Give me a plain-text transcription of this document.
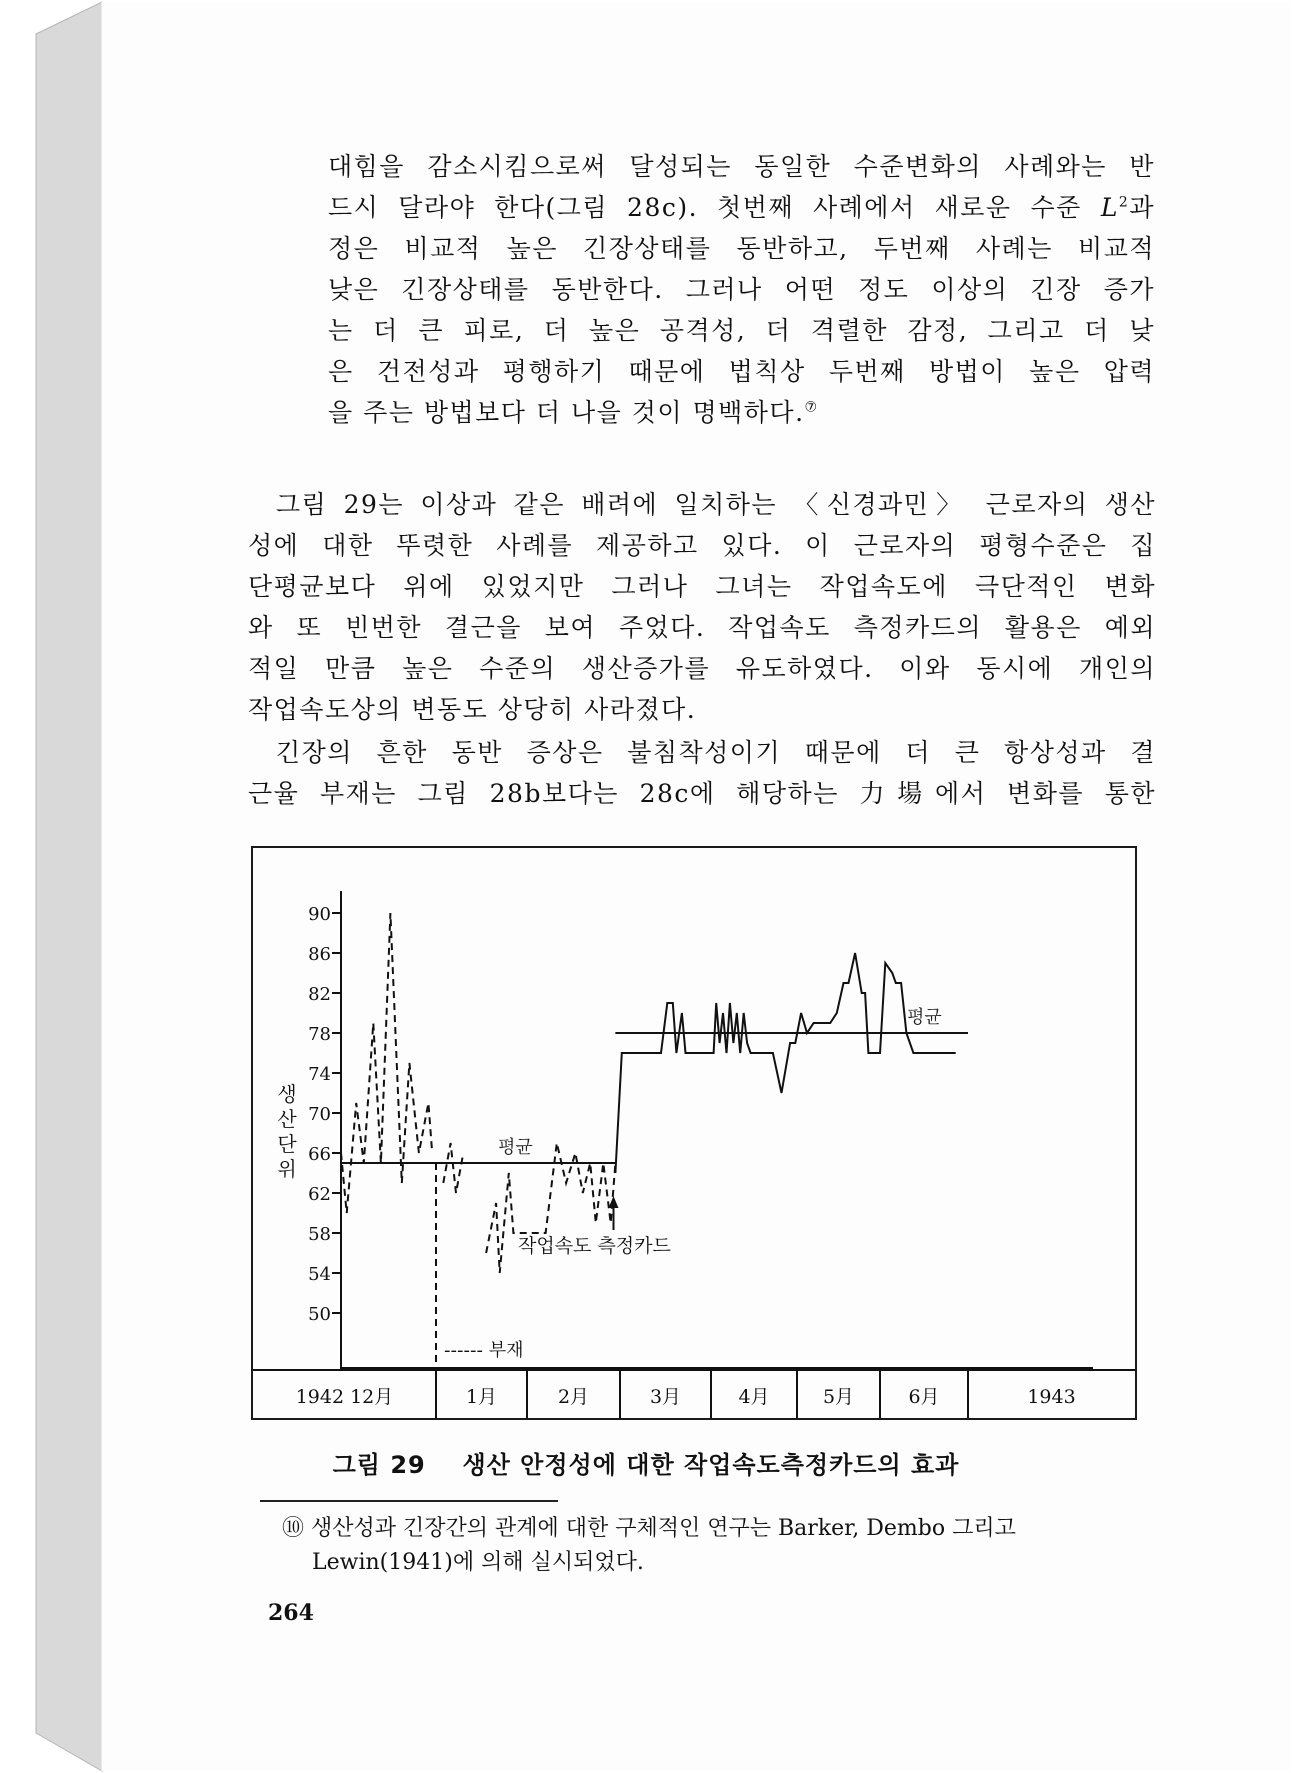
대힘을 감소시킴으로써 달성되는 동일한 수준변화의 사례와는 반
드시 달라야 한다(그림 28c). 첫번째 사례에서 새로운 수준 $L^2$과
정은 비교적 높은 긴장상태를 동반하고, 두번째 사례는 비교적
낮은 긴장상태를 동반한다. 그러나 어떤 정도 이상의 긴장 증가
는 더 큰 피로, 더 높은 공격성, 더 격렬한 감정, 그리고 더 낮
은 건전성과 평행하기 때문에 법칙상 두번째 방법이 높은 압력
을 주는 방법보다 더 나을 것이 명백하다.⑦
그림 29는 이상과 같은 배려에 일치하는 〈신경과민〉 근로자의 생산
성에 대한 뚜렷한 사례를 제공하고 있다. 이 근로자의 평형수준은 집
단평균보다 위에 있었지만 그러나 그녀는 작업속도에 극단적인 변화
와 또 빈번한 결근을 보여 주었다. 작업속도 측정카드의 활용은 예외
적일 만큼 높은 수준의 생산증가를 유도하였다. 이와 동시에 개인의
작업속도상의 변동도 상당히 사라졌다.
긴장의 흔한 동반 증상은 불침착성이기 때문에 더 큰 항상성과 결
근율 부재는 그림 28b보다는 28c에 해당하는 力場에서 변화를 통한
1942 12月	1月	2月	3月	4月	5月	6月	1943
50
54
58
62
66
70
74
78
82
86
90
생
산
단
위
평균
평균
------ 부재
작업속도 측정카드
그림 29 생산 안정성에 대한 작업속도측정카드의 효과
⑩ 생산성과 긴장간의 관계에 대한 구체적인 연구는 Barker, Dembo 그리고
Lewin(1941)에 의해 실시되었다.
264
